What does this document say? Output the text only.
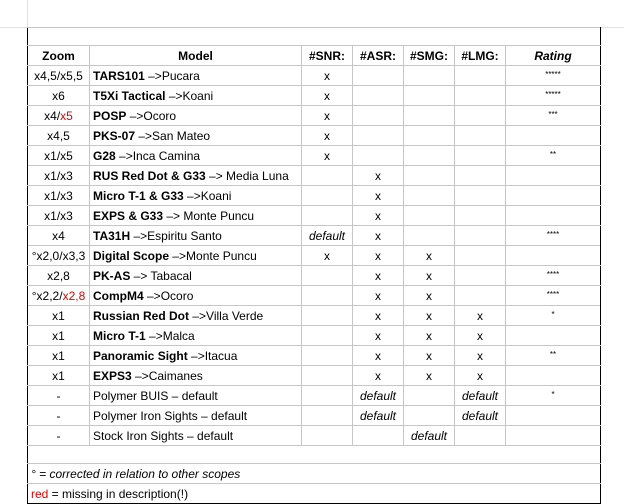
Zoom	Model	#SNR:	#ASR:	#SMG:	#LMG:	Rating
x4,5/x5,5	TARS101 –>Pucara	x				*****
x6	T5Xi Tactical –>Koani	x				*****
x4/x5	POSP –>Ocoro	x				***
x4,5	PKS-07 –>San Mateo	x				
x1/x5	G28 –>Inca Camina	x				**
x1/x3	RUS Red Dot & G33 –> Media Luna		x			
x1/x3	Micro T-1 & G33 –>Koani		x			
x1/x3	EXPS & G33 –> Monte Puncu		x			
x4	TA31H –>Espiritu Santo	default	x			****
°x2,0/x3,3	Digital Scope –>Monte Puncu	x	x	x		
x2,8	PK-AS –> Tabacal		x	x		****
°x2,2/x2,8	CompM4 –>Ocoro		x	x		****
x1	Russian Red Dot –>Villa Verde		x	x	x	*
x1	Micro T-1 –>Malca		x	x	x	
x1	Panoramic Sight –>Itacua		x	x	x	**
x1	EXPS3 –>Caimanes		x	x	x	
-	Polymer BUIS – default		default		default	*
-	Polymer Iron Sights – default		default		default	
-	Stock Iron Sights – default			default		

° = corrected in relation to other scopes						
red = missing in description(!)						
